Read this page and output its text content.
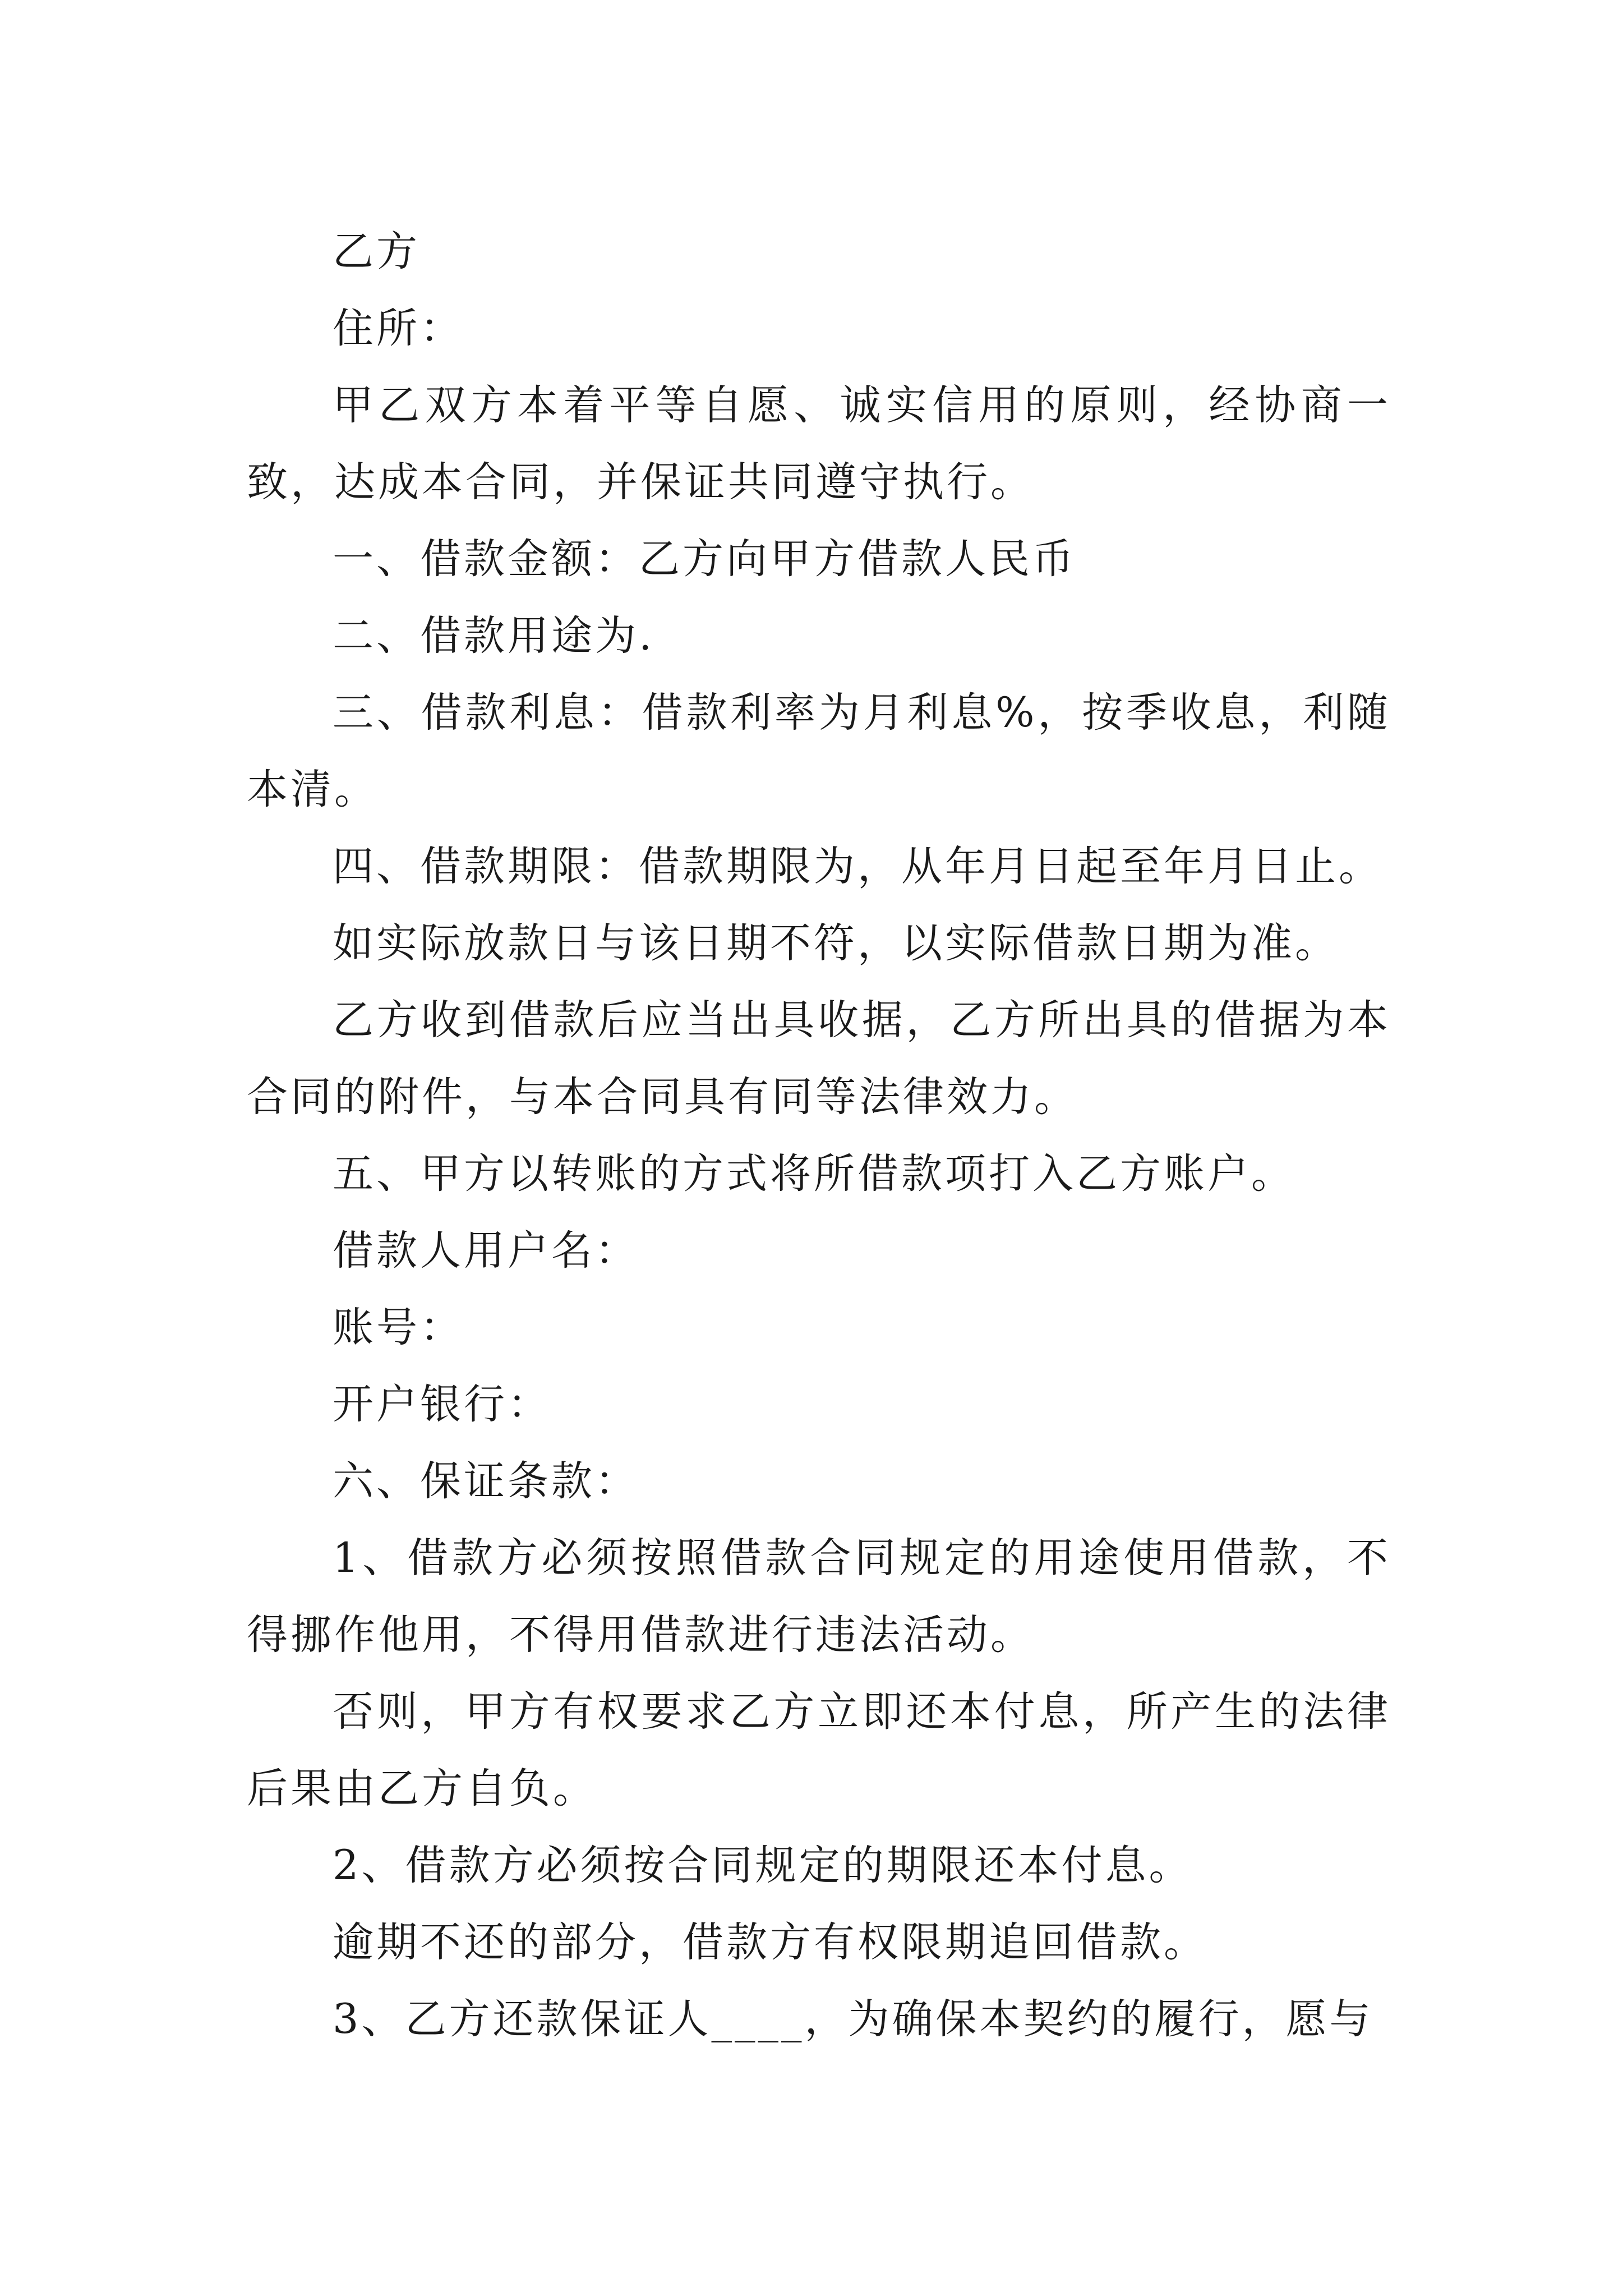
乙方

住所：

甲乙双方本着平等自愿、诚实信用的原则，经协商一致，达成本合同，并保证共同遵守执行。

一、借款金额：乙方向甲方借款人民币

二、借款用途为.

三、借款利息：借款利率为月利息%，按季收息，利随本清。

四、借款期限：借款期限为，从年月日起至年月日止。

如实际放款日与该日期不符，以实际借款日期为准。

乙方收到借款后应当出具收据，乙方所出具的借据为本合同的附件，与本合同具有同等法律效力。

五、甲方以转账的方式将所借款项打入乙方账户。

借款人用户名：

账号：

开户银行：

六、保证条款：

1、借款方必须按照借款合同规定的用途使用借款，不得挪作他用，不得用借款进行违法活动。

否则，甲方有权要求乙方立即还本付息，所产生的法律后果由乙方自负。

2、借款方必须按合同规定的期限还本付息。

逾期不还的部分，借款方有权限期追回借款。

3、乙方还款保证人____，为确保本契约的履行，愿与
